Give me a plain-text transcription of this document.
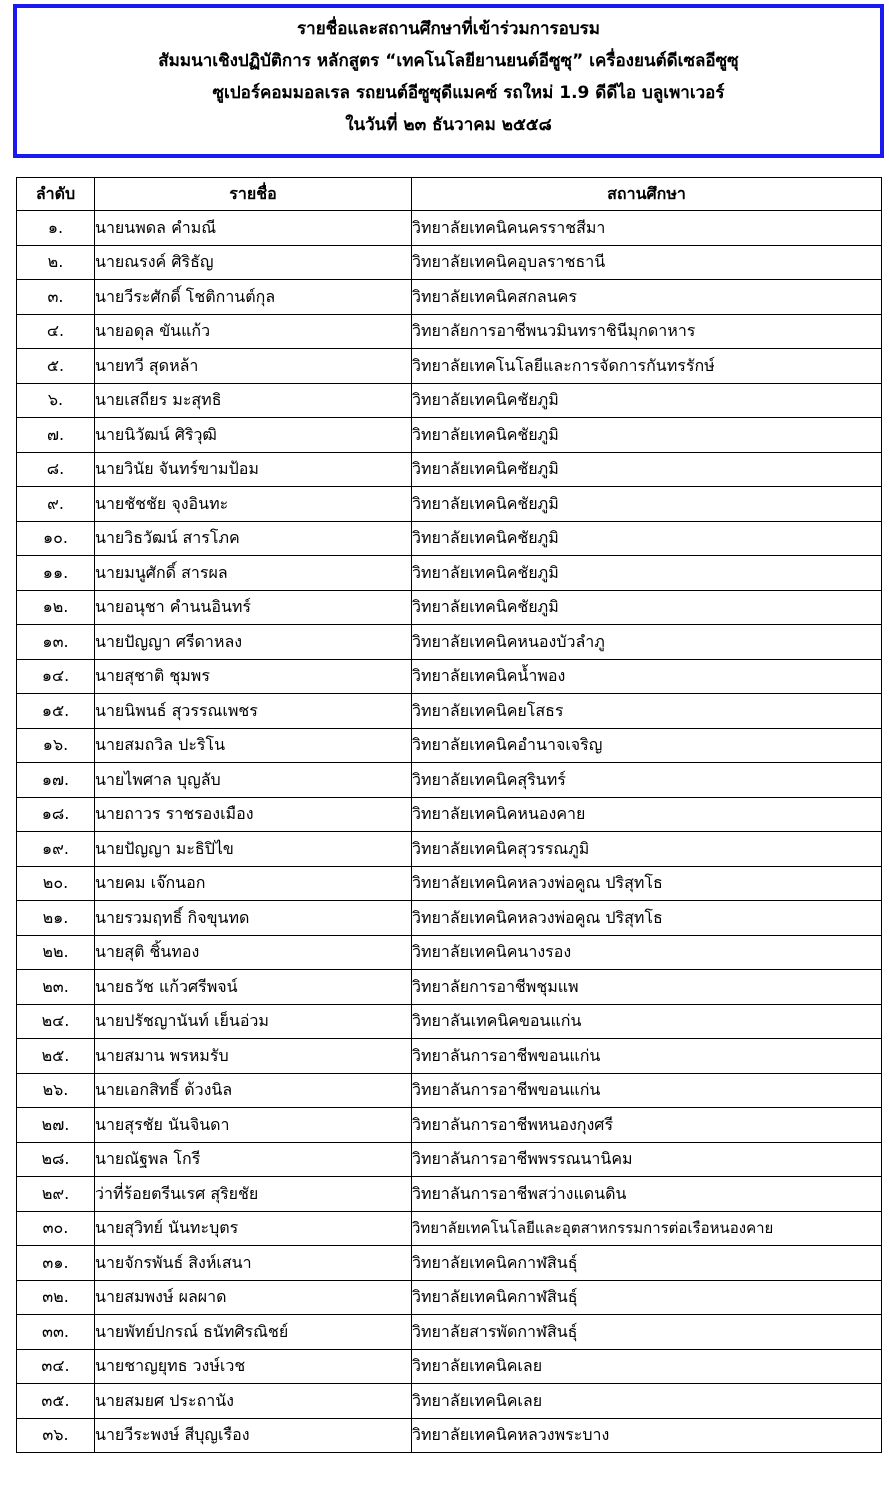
รายชื่อและสถานศึกษาที่เข้าร่วมการอบรม
สัมมนาเชิงปฏิบัติการ หลักสูตร “เทคโนโลยียานยนต์อีซูซุ” เครื่องยนต์ดีเซลอีซูซุ
ซูเปอร์คอมมอลเรล รถยนต์อีซูซุดีแมคซ์ รถใหม่ 1.9 ดีดีไอ บลูเพาเวอร์
ในวันที่ ๒๓ ธันวาคม ๒๕๕๘
ลำดับ	รายชื่อ	สถานศึกษา
๑.	นายนพดล คำมณี	วิทยาลัยเทคนิคนครราชสีมา
๒.	นายณรงค์ ศิริธัญ	วิทยาลัยเทคนิคอุบลราชธานี
๓.	นายวีระศักดิ์ โชติกานต์กุล	วิทยาลัยเทคนิคสกลนคร
๔.	นายอดุล ขันแก้ว	วิทยาลัยการอาชีพนวมินทราชินีมุกดาหาร
๕.	นายทวี สุดหล้า	วิทยาลัยเทคโนโลยีและการจัดการกันทรรักษ์
๖.	นายเสถียร มะสุทธิ	วิทยาลัยเทคนิคชัยภูมิ
๗.	นายนิวัฒน์ ศิริวุฒิ	วิทยาลัยเทคนิคชัยภูมิ
๘.	นายวินัย จันทร์ขามป้อม	วิทยาลัยเทคนิคชัยภูมิ
๙.	นายชัชชัย จุงอินทะ	วิทยาลัยเทคนิคชัยภูมิ
๑๐.	นายวิธวัฒน์ สารโภค	วิทยาลัยเทคนิคชัยภูมิ
๑๑.	นายมนูศักดิ์ สารผล	วิทยาลัยเทคนิคชัยภูมิ
๑๒.	นายอนุชา คำนนอินทร์	วิทยาลัยเทคนิคชัยภูมิ
๑๓.	นายปัญญา ศรีดาหลง	วิทยาลัยเทคนิคหนองบัวลำภู
๑๔.	นายสุชาติ ชุมพร	วิทยาลัยเทคนิคน้ำพอง
๑๕.	นายนิพนธ์ สุวรรณเพชร	วิทยาลัยเทคนิคยโสธร
๑๖.	นายสมถวิล ปะริโน	วิทยาลัยเทคนิคอำนาจเจริญ
๑๗.	นายไพศาล บุญลับ	วิทยาลัยเทคนิคสุรินทร์
๑๘.	นายถาวร ราชรองเมือง	วิทยาลัยเทคนิคหนองคาย
๑๙.	นายปัญญา มะธิปิไข	วิทยาลัยเทคนิคสุวรรณภูมิ
๒๐.	นายคม เจ๊กนอก	วิทยาลัยเทคนิคหลวงพ่อคูณ ปริสุทโธ
๒๑.	นายรวมฤทธิ์ กิจขุนทด	วิทยาลัยเทคนิคหลวงพ่อคูณ ปริสุทโธ
๒๒.	นายสุติ ชิ้นทอง	วิทยาลัยเทคนิคนางรอง
๒๓.	นายธวัช แก้วศรีพจน์	วิทยาลัยการอาชีพชุมแพ
๒๔.	นายปรัชญานันท์ เย็นอ่วม	วิทยาลันเทคนิคขอนแก่น
๒๕.	นายสมาน พรหมรับ	วิทยาลันการอาชีพขอนแก่น
๒๖.	นายเอกสิทธิ์ ด้วงนิล	วิทยาลันการอาชีพขอนแก่น
๒๗.	นายสุรชัย นันจินดา	วิทยาลันการอาชีพหนองกุงศรี
๒๘.	นายณัฐพล โกรี	วิทยาลันการอาชีพพรรณนานิคม
๒๙.	ว่าที่ร้อยตรีนเรศ สุริยชัย	วิทยาลันการอาชีพสว่างแดนดิน
๓๐.	นายสุวิทย์ นันทะบุตร	วิทยาลัยเทคโนโลยีและอุตสาหกรรมการต่อเรือหนองคาย
๓๑.	นายจักรพันธ์ สิงห์เสนา	วิทยาลัยเทคนิคกาฬสินธุ์
๓๒.	นายสมพงษ์ ผลผาด	วิทยาลัยเทคนิคกาฬสินธุ์
๓๓.	นายพัทย์ปกรณ์ ธนัทศิรณิชย์	วิทยาลัยสารพัดกาฬสินธุ์
๓๔.	นายชาญยุทธ วงษ์เวช	วิทยาลัยเทคนิคเลย
๓๕.	นายสมยศ ประถานัง	วิทยาลัยเทคนิคเลย
๓๖.	นายวีระพงษ์ สีบุญเรือง	วิทยาลัยเทคนิคหลวงพระบาง
